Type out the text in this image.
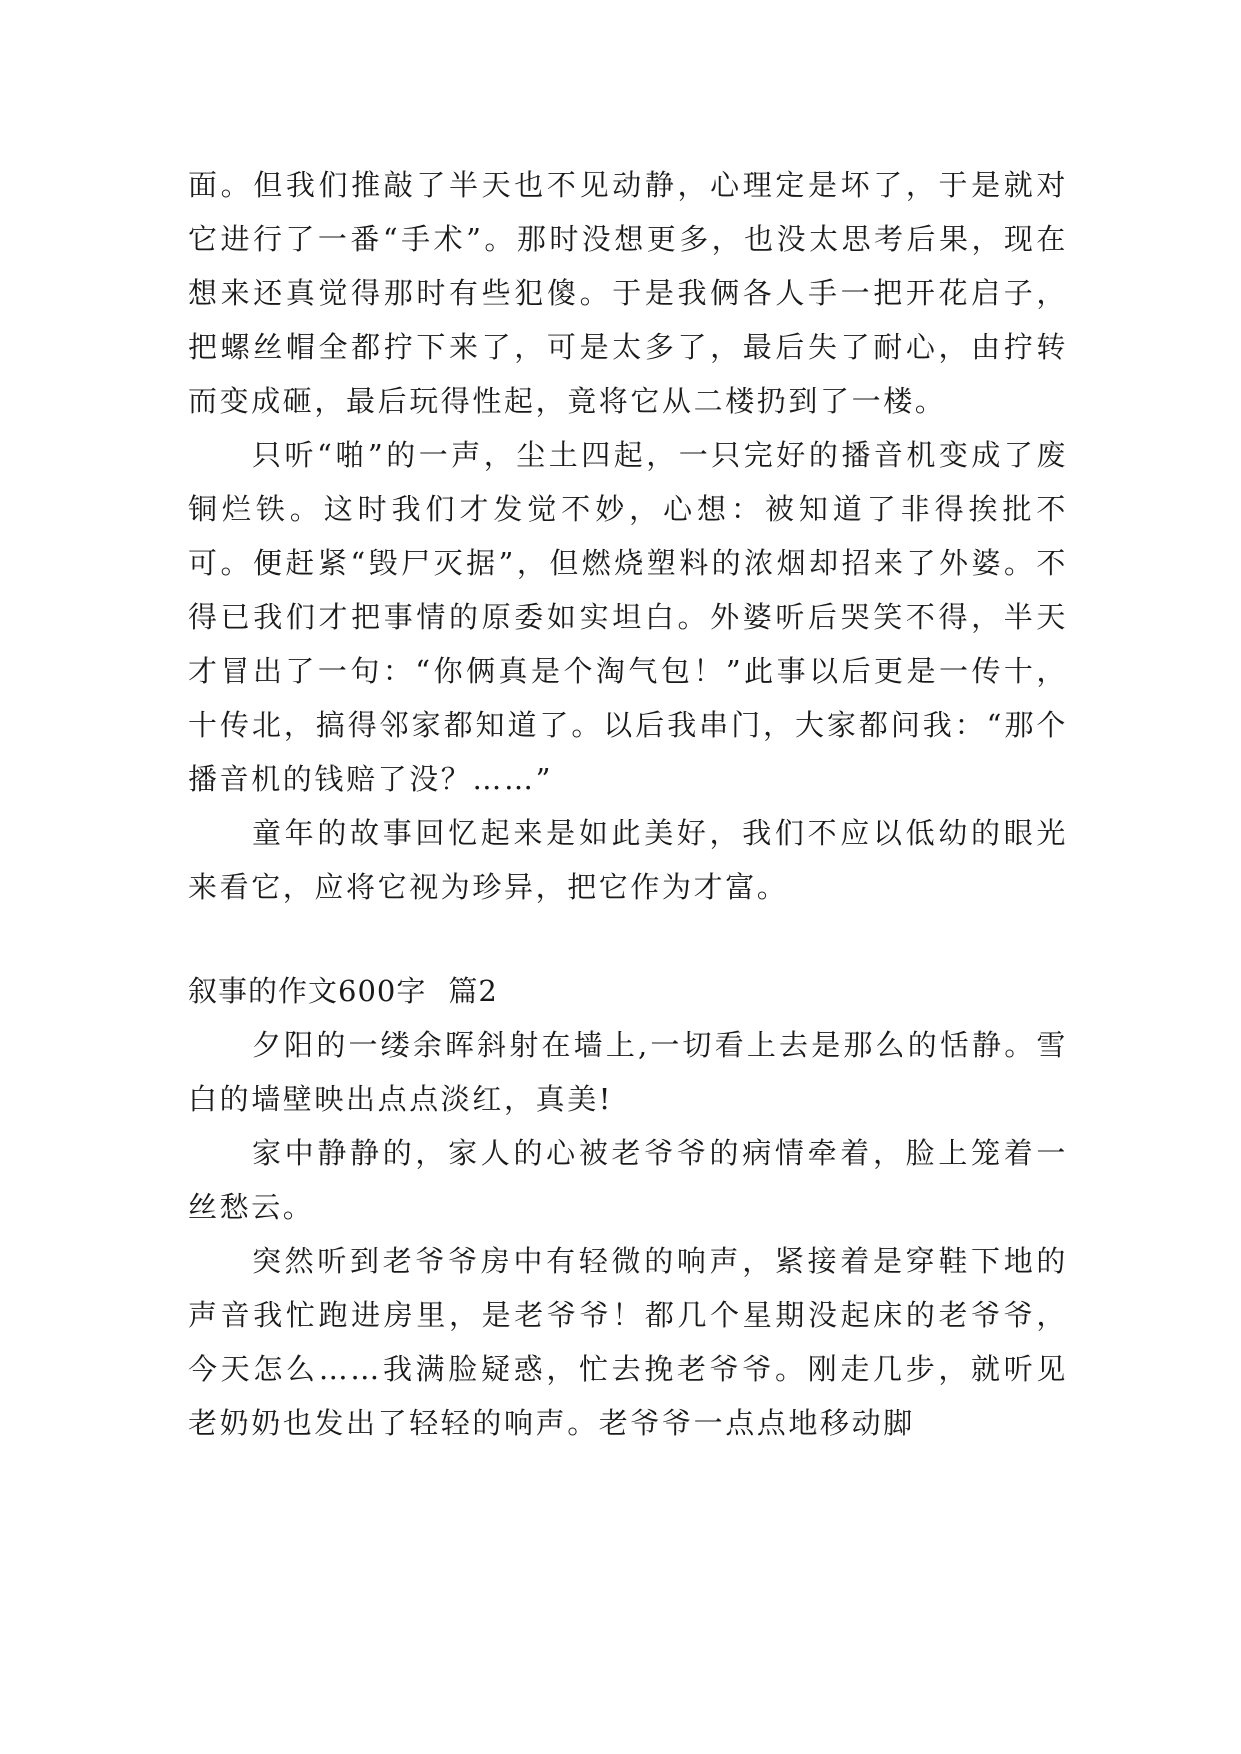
面。但我们推敲了半天也不见动静，心理定是坏了，于是就对它进行了一番“手术”。那时没想更多，也没太思考后果，现在想来还真觉得那时有些犯傻。于是我俩各人手一把开花启子，把螺丝帽全都拧下来了，可是太多了，最后失了耐心，由拧转而变成砸，最后玩得性起，竟将它从二楼扔到了一楼。

只听“啪”的一声，尘土四起，一只完好的播音机变成了废铜烂铁。这时我们才发觉不妙，心想：被知道了非得挨批不可。便赶紧“毁尸灭据”，但燃烧塑料的浓烟却招来了外婆。不得已我们才把事情的原委如实坦白。外婆听后哭笑不得，半天才冒出了一句：“你俩真是个淘气包！”此事以后更是一传十，十传北，搞得邻家都知道了。以后我串门，大家都问我：“那个播音机的钱赔了没？……”

童年的故事回忆起来是如此美好，我们不应以低幼的眼光来看它，应将它视为珍异，把它作为才富。

叙事的作文600字 篇2

夕阳的一缕余晖斜射在墙上,一切看上去是那么的恬静。雪白的墙壁映出点点淡红，真美!

家中静静的，家人的心被老爷爷的病情牵着，脸上笼着一丝愁云。

突然听到老爷爷房中有轻微的响声，紧接着是穿鞋下地的声音我忙跑进房里，是老爷爷！都几个星期没起床的老爷爷，今天怎么……我满脸疑惑，忙去挽老爷爷。刚走几步，就听见老奶奶也发出了轻轻的响声。老爷爷一点点地移动脚
